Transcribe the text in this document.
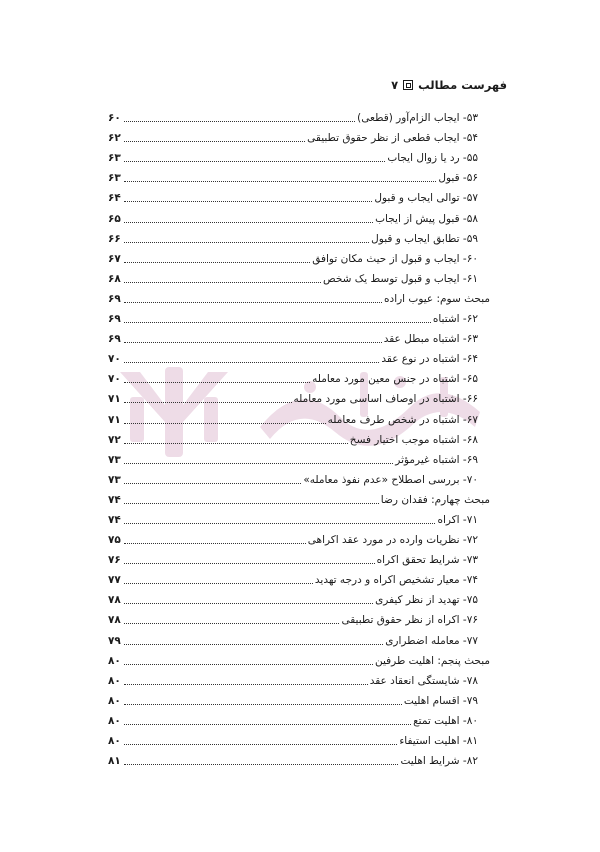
فهرست مطالب
۷
۵۳- ایجاب الزام‌آور (قطعی)
۶۰
۵۴- ایجاب قطعی از نظر حقوق تطبیقی
۶۲
۵۵- رد یا زوال ایجاب
۶۳
۵۶- قبول
۶۳
۵۷- توالی ایجاب و قبول
۶۴
۵۸- قبول پیش از ایجاب
۶۵
۵۹- تطابق ایجاب و قبول
۶۶
۶۰- ایجاب و قبول از حیث مکان توافق
۶۷
۶۱- ایجاب و قبول توسط یک شخص
۶۸
مبحث سوم: عیوب اراده
۶۹
۶۲- اشتباه
۶۹
۶۳- اشتباه مبطل عقد
۶۹
۶۴- اشتباه در نوع عقد
۷۰
۶۵- اشتباه در جنس معین مورد معامله
۷۰
۶۶- اشتباه در اوصاف اساسی مورد معامله
۷۱
۶۷- اشتباه در شخص طرف معامله
۷۱
۶۸- اشتباه موجب اختیار فسخ
۷۲
۶۹- اشتباه غیرمؤثر
۷۳
۷۰- بررسی اصطلاح «عدم نفوذ معامله»
۷۳
مبحث چهارم: فقدان رضا
۷۴
۷۱- اکراه
۷۴
۷۲- نظریات وارده در مورد عقد اکراهی
۷۵
۷۳- شرایط تحقق اکراه
۷۶
۷۴- معیار تشخیص اکراه و درجه تهدید
۷۷
۷۵- تهدید از نظر کیفری
۷۸
۷۶- اکراه از نظر حقوق تطبیقی
۷۸
۷۷- معامله اضطراری
۷۹
مبحث پنجم: اهلیت طرفین
۸۰
۷۸- شایستگی انعقاد عقد
۸۰
۷۹- اقسام اهلیت
۸۰
۸۰- اهلیت تمتع
۸۰
۸۱- اهلیت استیفاء
۸۰
۸۲- شرایط اهلیت
۸۱
